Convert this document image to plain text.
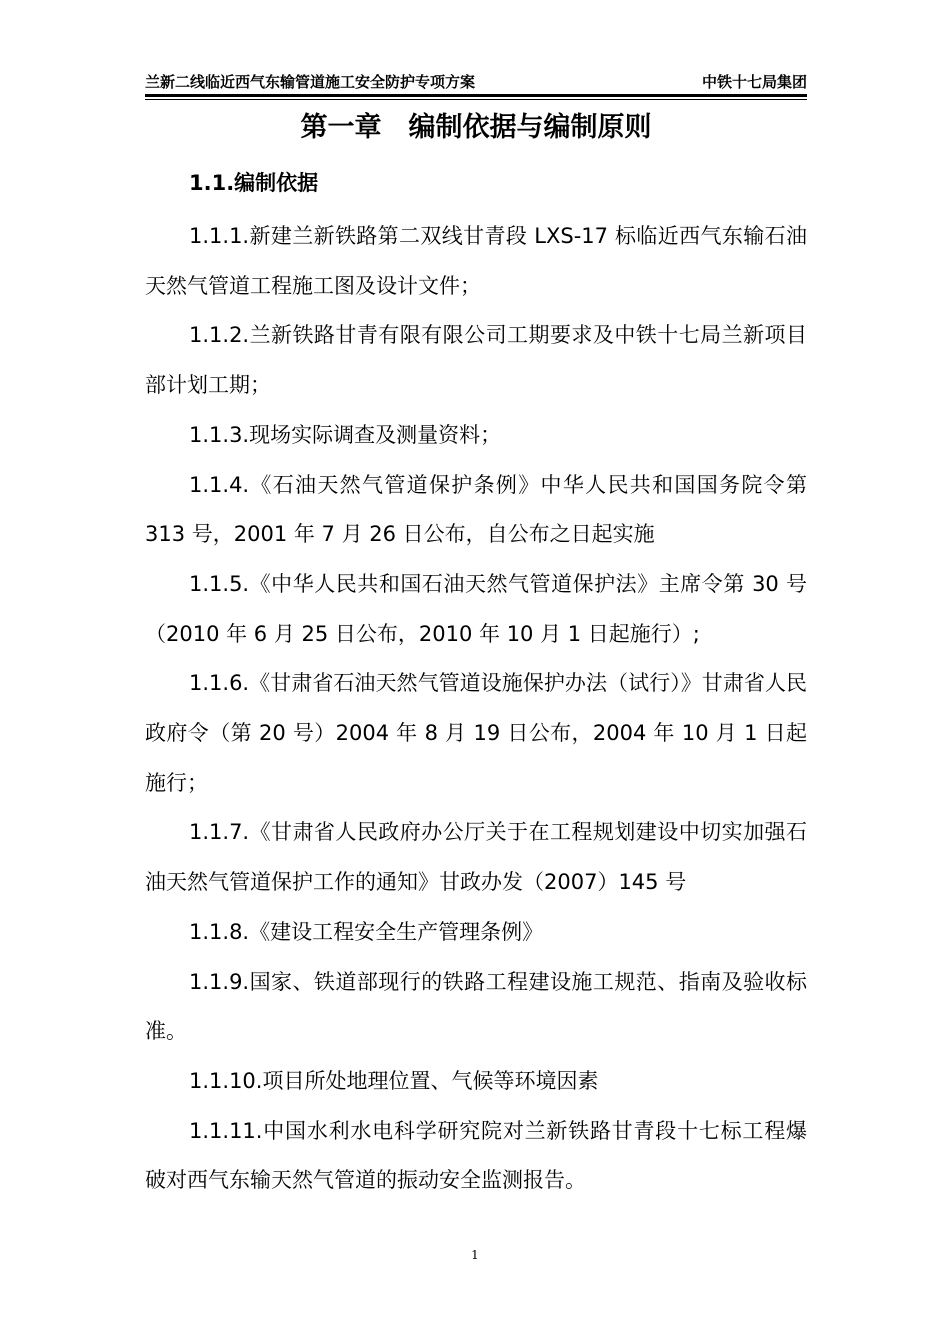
兰新二线临近西气东输管道施工安全防护专项方案	中铁十七局集团
第一章　编制依据与编制原则
1.1.编制依据

1.1.1.新建兰新铁路第二双线甘青段 LXS-17 标临近西气东输石油天然气管道工程施工图及设计文件；

1.1.2.兰新铁路甘青有限有限公司工期要求及中铁十七局兰新项目部计划工期；

1.1.3.现场实际调查及测量资料；

1.1.4.《石油天然气管道保护条例》中华人民共和国国务院令第 313 号，2001 年 7 月 26 日公布，自公布之日起实施

1.1.5.《中华人民共和国石油天然气管道保护法》主席令第 30 号（2010 年 6 月 25 日公布，2010 年 10 月 1 日起施行）;

1.1.6.《甘肃省石油天然气管道设施保护办法（试行）》甘肃省人民政府令（第 20 号）2004 年 8 月 19 日公布，2004 年 10 月 1 日起施行；

1.1.7.《甘肃省人民政府办公厅关于在工程规划建设中切实加强石油天然气管道保护工作的通知》甘政办发（2007）145 号

1.1.8.《建设工程安全生产管理条例》

1.1.9.国家、铁道部现行的铁路工程建设施工规范、指南及验收标准。

1.1.10.项目所处地理位置、气候等环境因素

1.1.11.中国水利水电科学研究院对兰新铁路甘青段十七标工程爆破对西气东输天然气管道的振动安全监测报告。

1
